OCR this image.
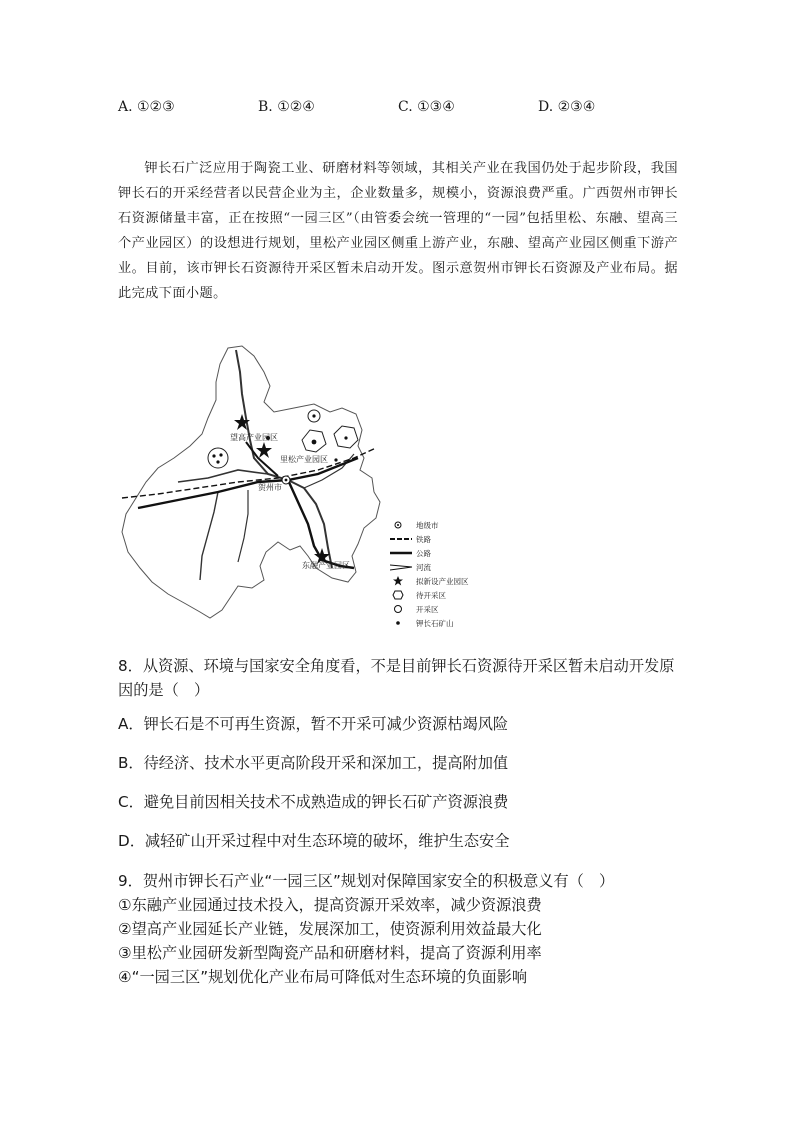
A. ①②③	B. ①②④	C. ①③④	D. ②③④

钾长石广泛应用于陶瓷工业、研磨材料等领域，其相关产业在我国仍处于起步阶段，我国钾长石的开采经营者以民营企业为主，企业数量多，规模小，资源浪费严重。广西贺州市钾长石资源储量丰富，正在按照“一园三区”（由管委会统一管理的“一园”包括里松、东融、望高三个产业园区）的设想进行规划，里松产业园区侧重上游产业，东融、望高产业园区侧重下游产业。目前，该市钾长石资源待开采区暂未启动开发。图示意贺州市钾长石资源及产业布局。据此完成下面小题。

望高产业园区
里松产业园区
贺州市
东融产业园区
地级市
铁路
公路
河流
拟新设产业园区
待开采区
开采区
钾长石矿山

8．从资源、环境与国家安全角度看，不是目前钾长石资源待开采区暂未启动开发原因的是（　）

A．钾长石是不可再生资源，暂不开采可减少资源枯竭风险
B．待经济、技术水平更高阶段开采和深加工，提高附加值
C．避免目前因相关技术不成熟造成的钾长石矿产资源浪费
D．减轻矿山开采过程中对生态环境的破坏，维护生态安全
9．贺州市钾长石产业“一园三区”规划对保障国家安全的积极意义有（　）
①东融产业园通过技术投入，提高资源开采效率，减少资源浪费
②望高产业园延长产业链，发展深加工，使资源利用效益最大化
③里松产业园研发新型陶瓷产品和研磨材料，提高了资源利用率
④“一园三区”规划优化产业布局可降低对生态环境的负面影响
